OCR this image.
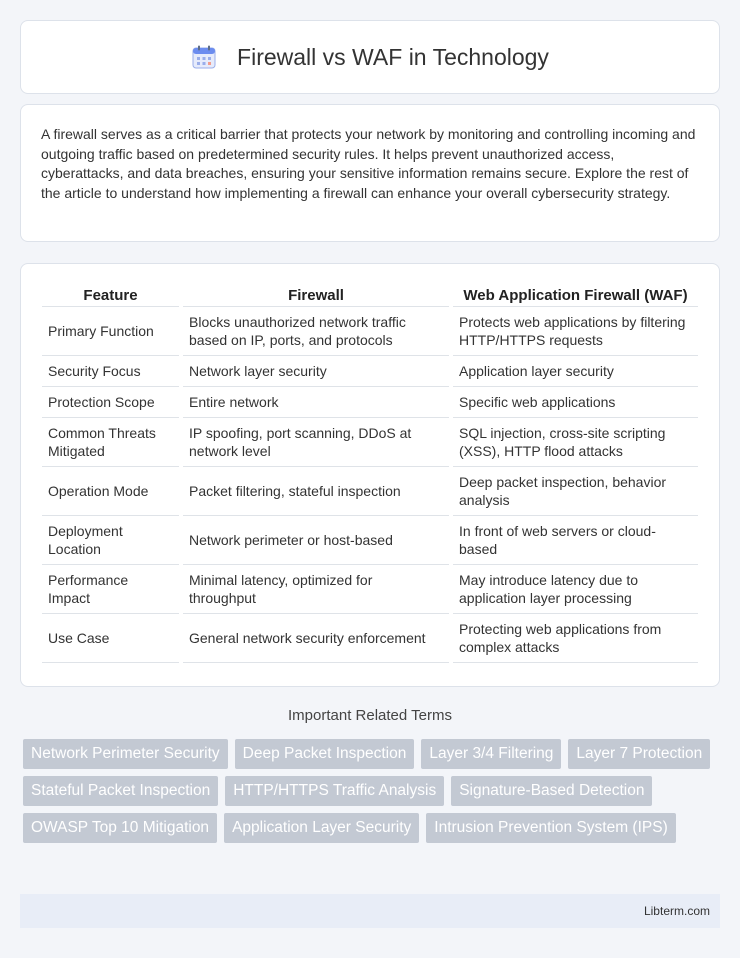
Firewall vs WAF in Technology

A firewall serves as a critical barrier that protects your network by monitoring and controlling incoming and outgoing traffic based on predetermined security rules. It helps prevent unauthorized access, cyberattacks, and data breaches, ensuring your sensitive information remains secure. Explore the rest of the article to understand how implementing a firewall can enhance your overall cybersecurity strategy.

Feature	Firewall	Web Application Firewall (WAF)
Primary Function	Blocks unauthorized network traffic based on IP, ports, and protocols	Protects web applications by filtering HTTP/HTTPS requests
Security Focus	Network layer security	Application layer security
Protection Scope	Entire network	Specific web applications
Common Threats Mitigated	IP spoofing, port scanning, DDoS at network level	SQL injection, cross-site scripting (XSS), HTTP flood attacks
Operation Mode	Packet filtering, stateful inspection	Deep packet inspection, behavior analysis
Deployment Location	Network perimeter or host-based	In front of web servers or cloud-based
Performance Impact	Minimal latency, optimized for throughput	May introduce latency due to application layer processing
Use Case	General network security enforcement	Protecting web applications from complex attacks
Important Related Terms
Network Perimeter Security	Deep Packet Inspection	Layer 3/4 Filtering	Layer 7 Protection
Stateful Packet Inspection	HTTP/HTTPS Traffic Analysis	Signature-Based Detection
OWASP Top 10 Mitigation	Application Layer Security	Intrusion Prevention System (IPS)
Libterm.com
